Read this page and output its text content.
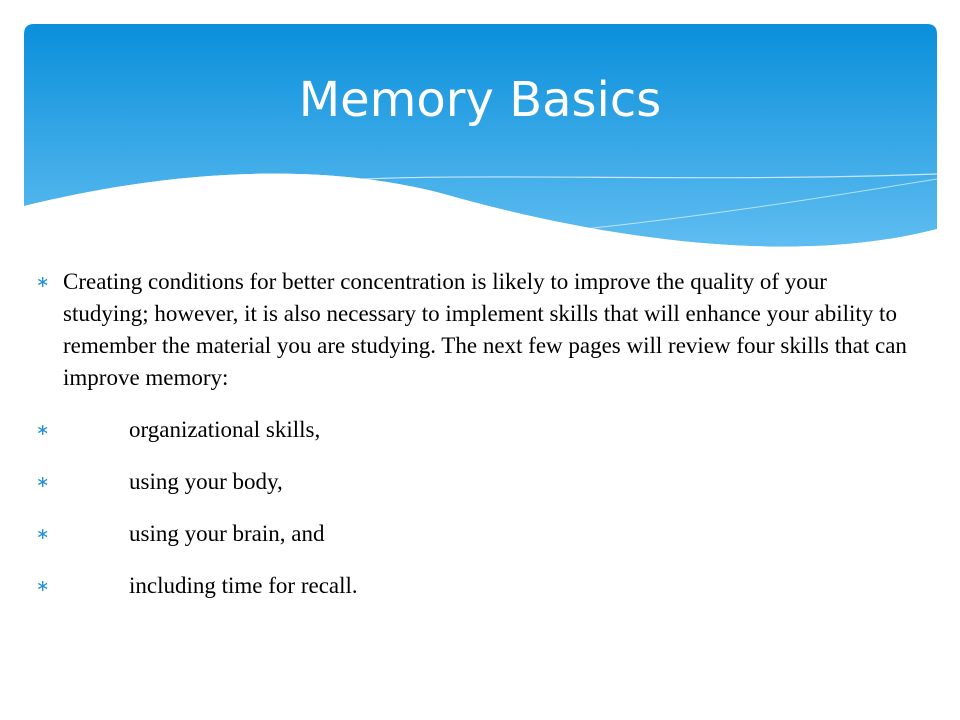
Memory Basics
∗ Creating conditions for better concentration is likely to improve the quality of your studying; however, it is also necessary to implement skills that will enhance your ability to remember the material you are studying. The next few pages will review four skills that can improve memory:
∗	organizational skills,
∗	using your body,
∗	using your brain, and
∗	including time for recall.
